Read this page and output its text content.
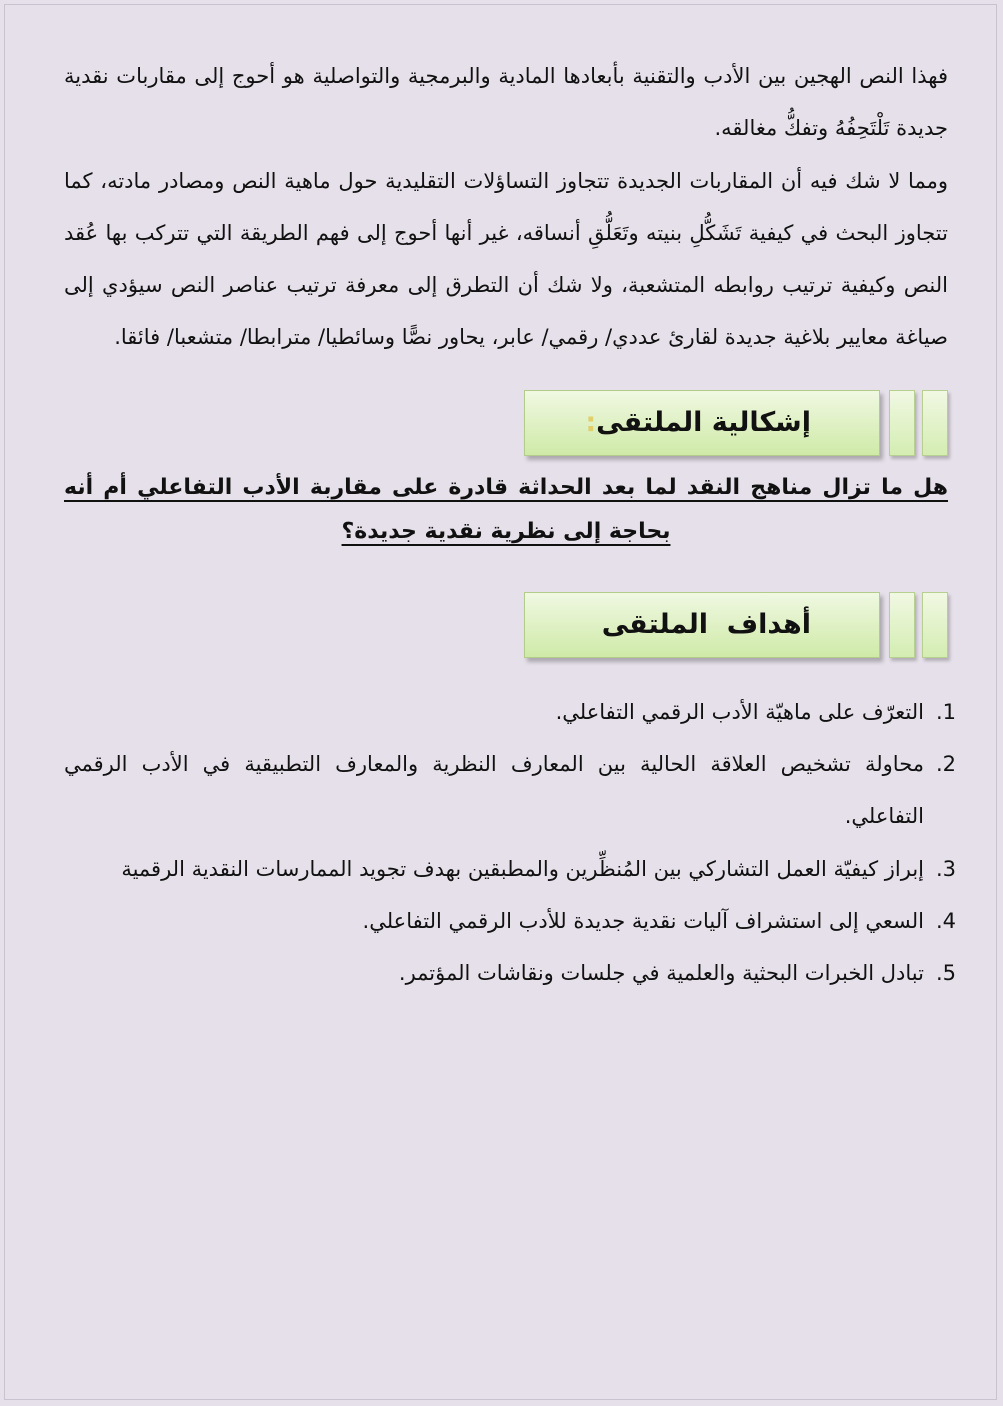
فهذا النص الهجين بين الأدب والتقنية بأبعادها المادية والبرمجية والتواصلية هو أحوج إلى مقاربات نقدية جديدة تَلْتَحِفُهُ وتفكُّ مغالقه.

ومما لا شك فيه أن المقاربات الجديدة تتجاوز التساؤلات التقليدية حول ماهية النص ومصادر مادته، كما تتجاوز البحث في كيفية تَشَكُّلِ بنيته وتَعَلُّقِ أنساقه، غير أنها أحوج إلى فهم الطريقة التي تتركب بها عُقد النص وكيفية ترتيب روابطه المتشعبة، ولا شك أن التطرق إلى معرفة ترتيب عناصر النص سيؤدي إلى صياغة معايير بلاغية جديدة لقارئ عددي/ رقمي/ عابر، يحاور نصًّا وسائطيا/ مترابطا/ متشعبا/ فائقا.

إشكالية الملتقى
:

هل ما تزال مناهج النقد لما بعد الحداثة قادرة على مقاربة الأدب التفاعلي أم أنه بحاجة إلى نظرية نقدية جديدة؟

أهداف  الملتقى
1.
التعرّف على ماهيّة الأدب الرقمي التفاعلي.
2.
محاولة تشخيص العلاقة الحالية بين المعارف النظرية والمعارف التطبيقية في الأدب الرقمي التفاعلي.
3.
إبراز كيفيّة العمل التشاركي بين المُنظِّرين والمطبقين بهدف تجويد الممارسات النقدية الرقمية
4.
السعي إلى استشراف آليات نقدية جديدة للأدب الرقمي التفاعلي.
5.
تبادل الخبرات البحثية والعلمية في جلسات ونقاشات المؤتمر.
